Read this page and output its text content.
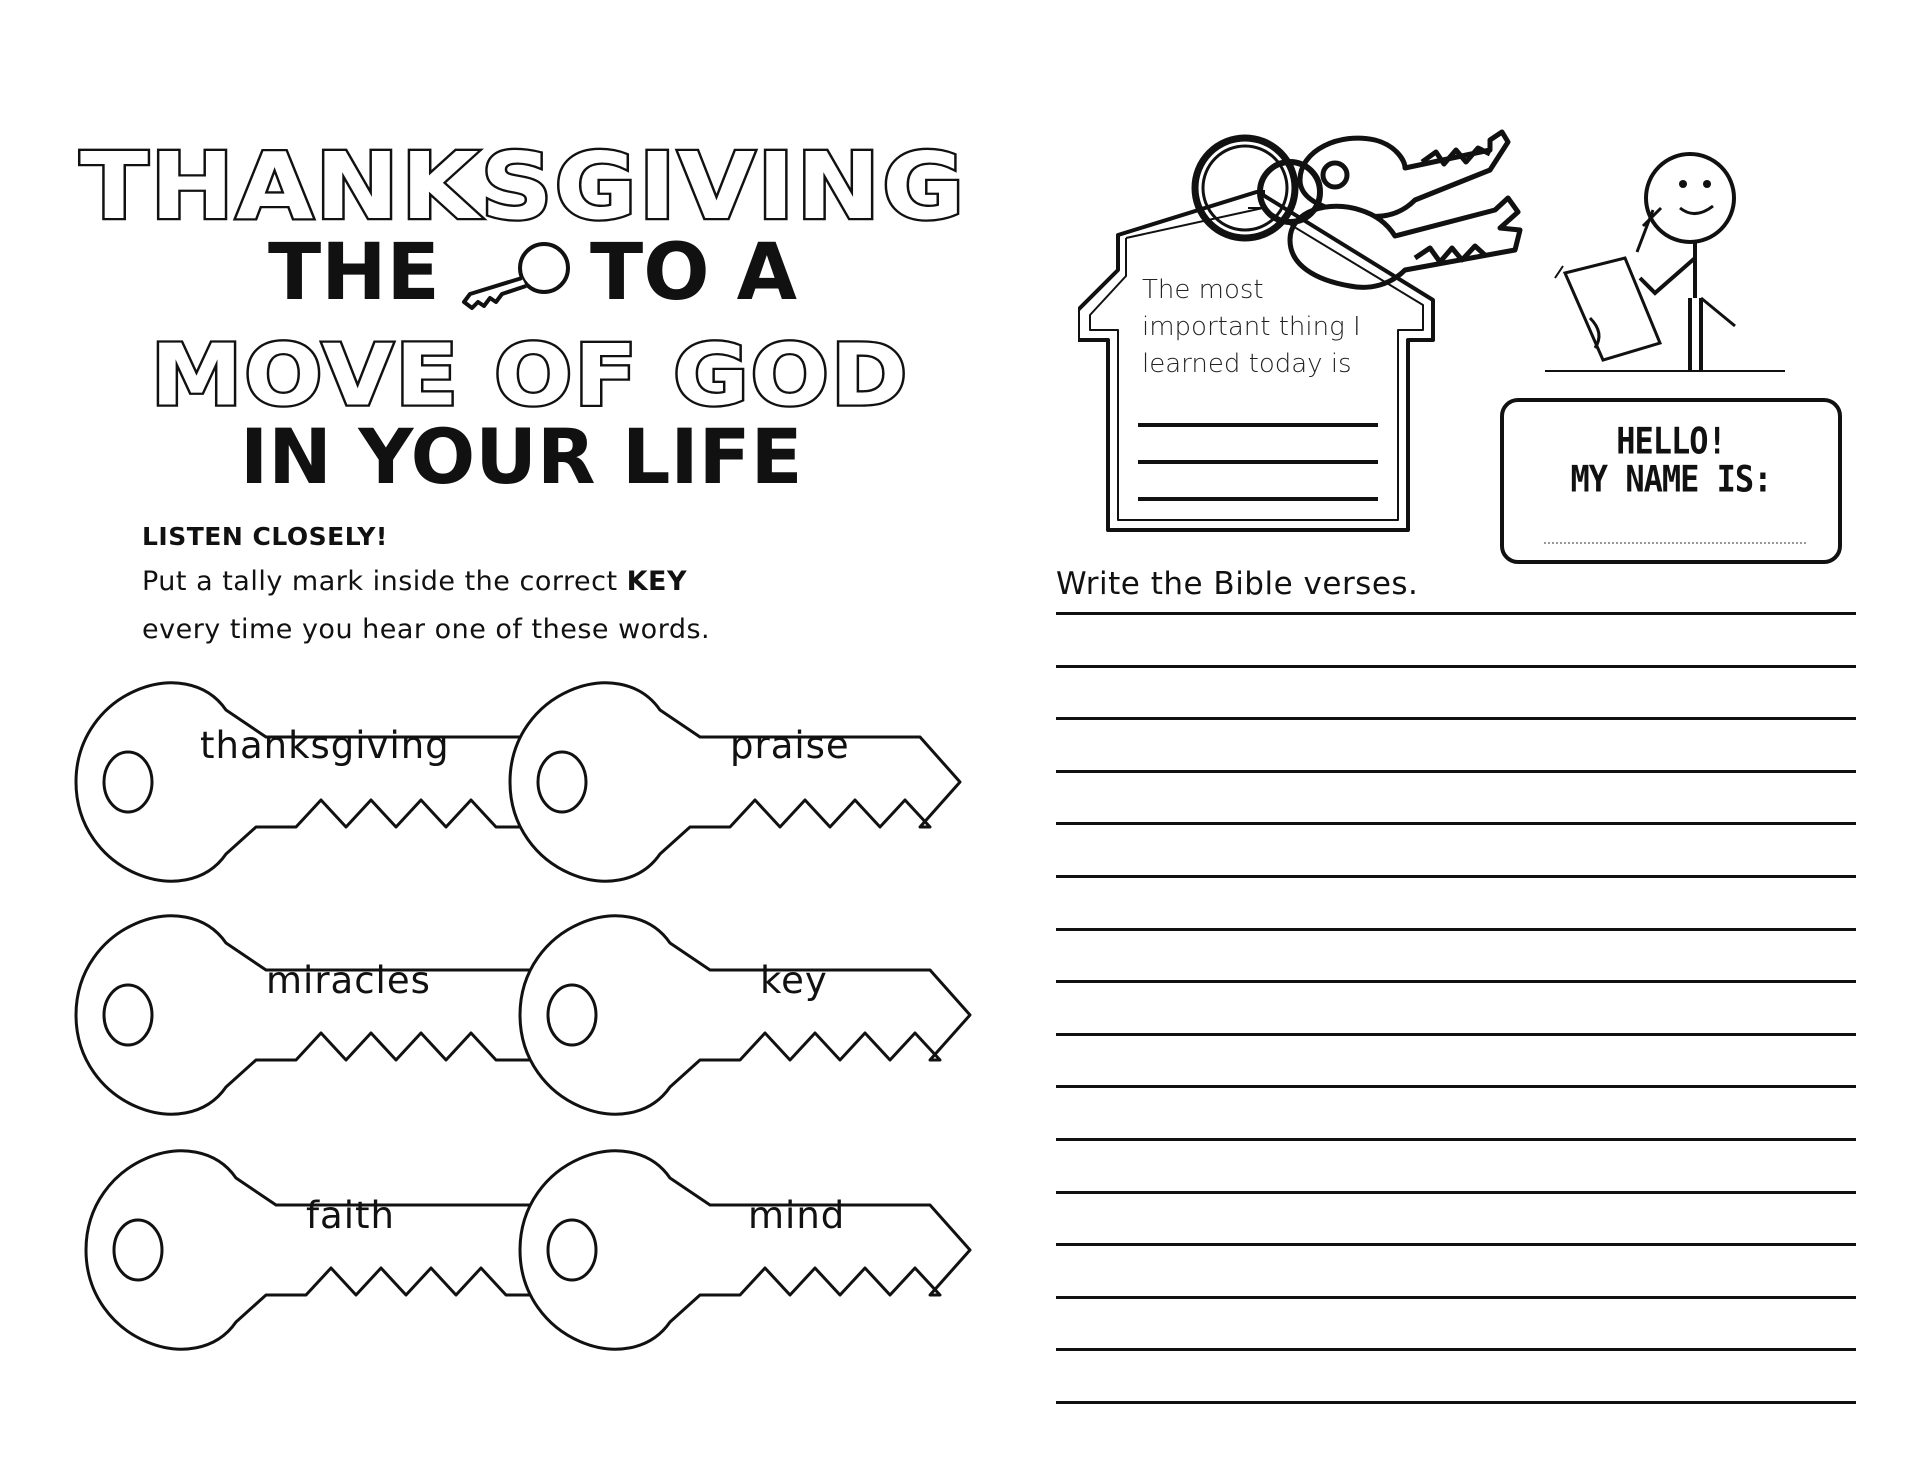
THANKSGIVING
THE TO A
MOVE OF GOD
IN YOUR LIFE
LISTEN CLOSELY!
Put a tally mark inside the correct KEY
every time you hear one of these words.
thanksgiving	praise
miracles	key
faith	mind
The most
important thing I
learned today is
HELLO!
MY NAME IS:
Write the Bible verses.
